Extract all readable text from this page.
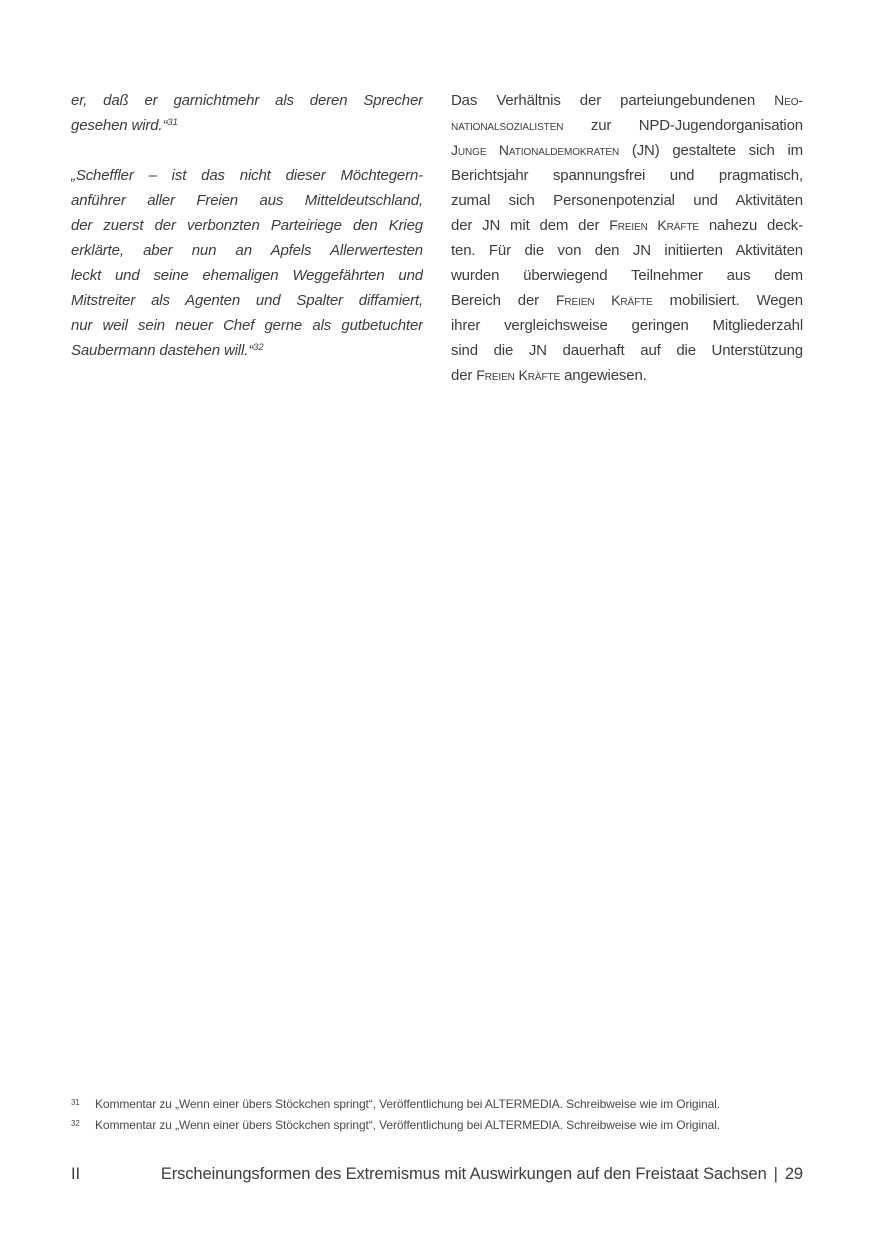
er, daß er garnichtmehr als deren Sprecher
gesehen wird.“$^{31}$
„Scheffler – ist das nicht dieser Möchtegern-
anführer aller Freien aus Mitteldeutschland,
der zuerst der verbonzten Parteiriege den Krieg
erklärte, aber nun an Apfels Allerwertesten
leckt und seine ehemaligen Weggefährten und
Mitstreiter als Agenten und Spalter diffamiert,
nur weil sein neuer Chef gerne als gutbetuchter
Saubermann dastehen will.“$^{32}$
Das Verhältnis der parteiungebundenen Neo-
nationalsozialisten zur NPD-Jugendorganisation
Junge Nationaldemokraten (JN) gestaltete sich im
Berichtsjahr spannungsfrei und pragmatisch,
zumal sich Personenpotenzial und Aktivitäten
der JN mit dem der Freien Kräfte nahezu deck-
ten. Für die von den JN initiierten Aktivitäten
wurden überwiegend Teilnehmer aus dem
Bereich der Freien Kräfte mobilisiert. Wegen
ihrer vergleichsweise geringen Mitgliederzahl
sind die JN dauerhaft auf die Unterstützung
der Freien Kräfte angewiesen.
31	Kommentar zu „Wenn einer übers Stöckchen springt“, Veröffentlichung bei ALTERMEDIA. Schreibweise wie im Original.
32	Kommentar zu „Wenn einer übers Stöckchen springt“, Veröffentlichung bei ALTERMEDIA. Schreibweise wie im Original.
II	Erscheinungsformen des Extremismus mit Auswirkungen auf den Freistaat Sachsen | 29
